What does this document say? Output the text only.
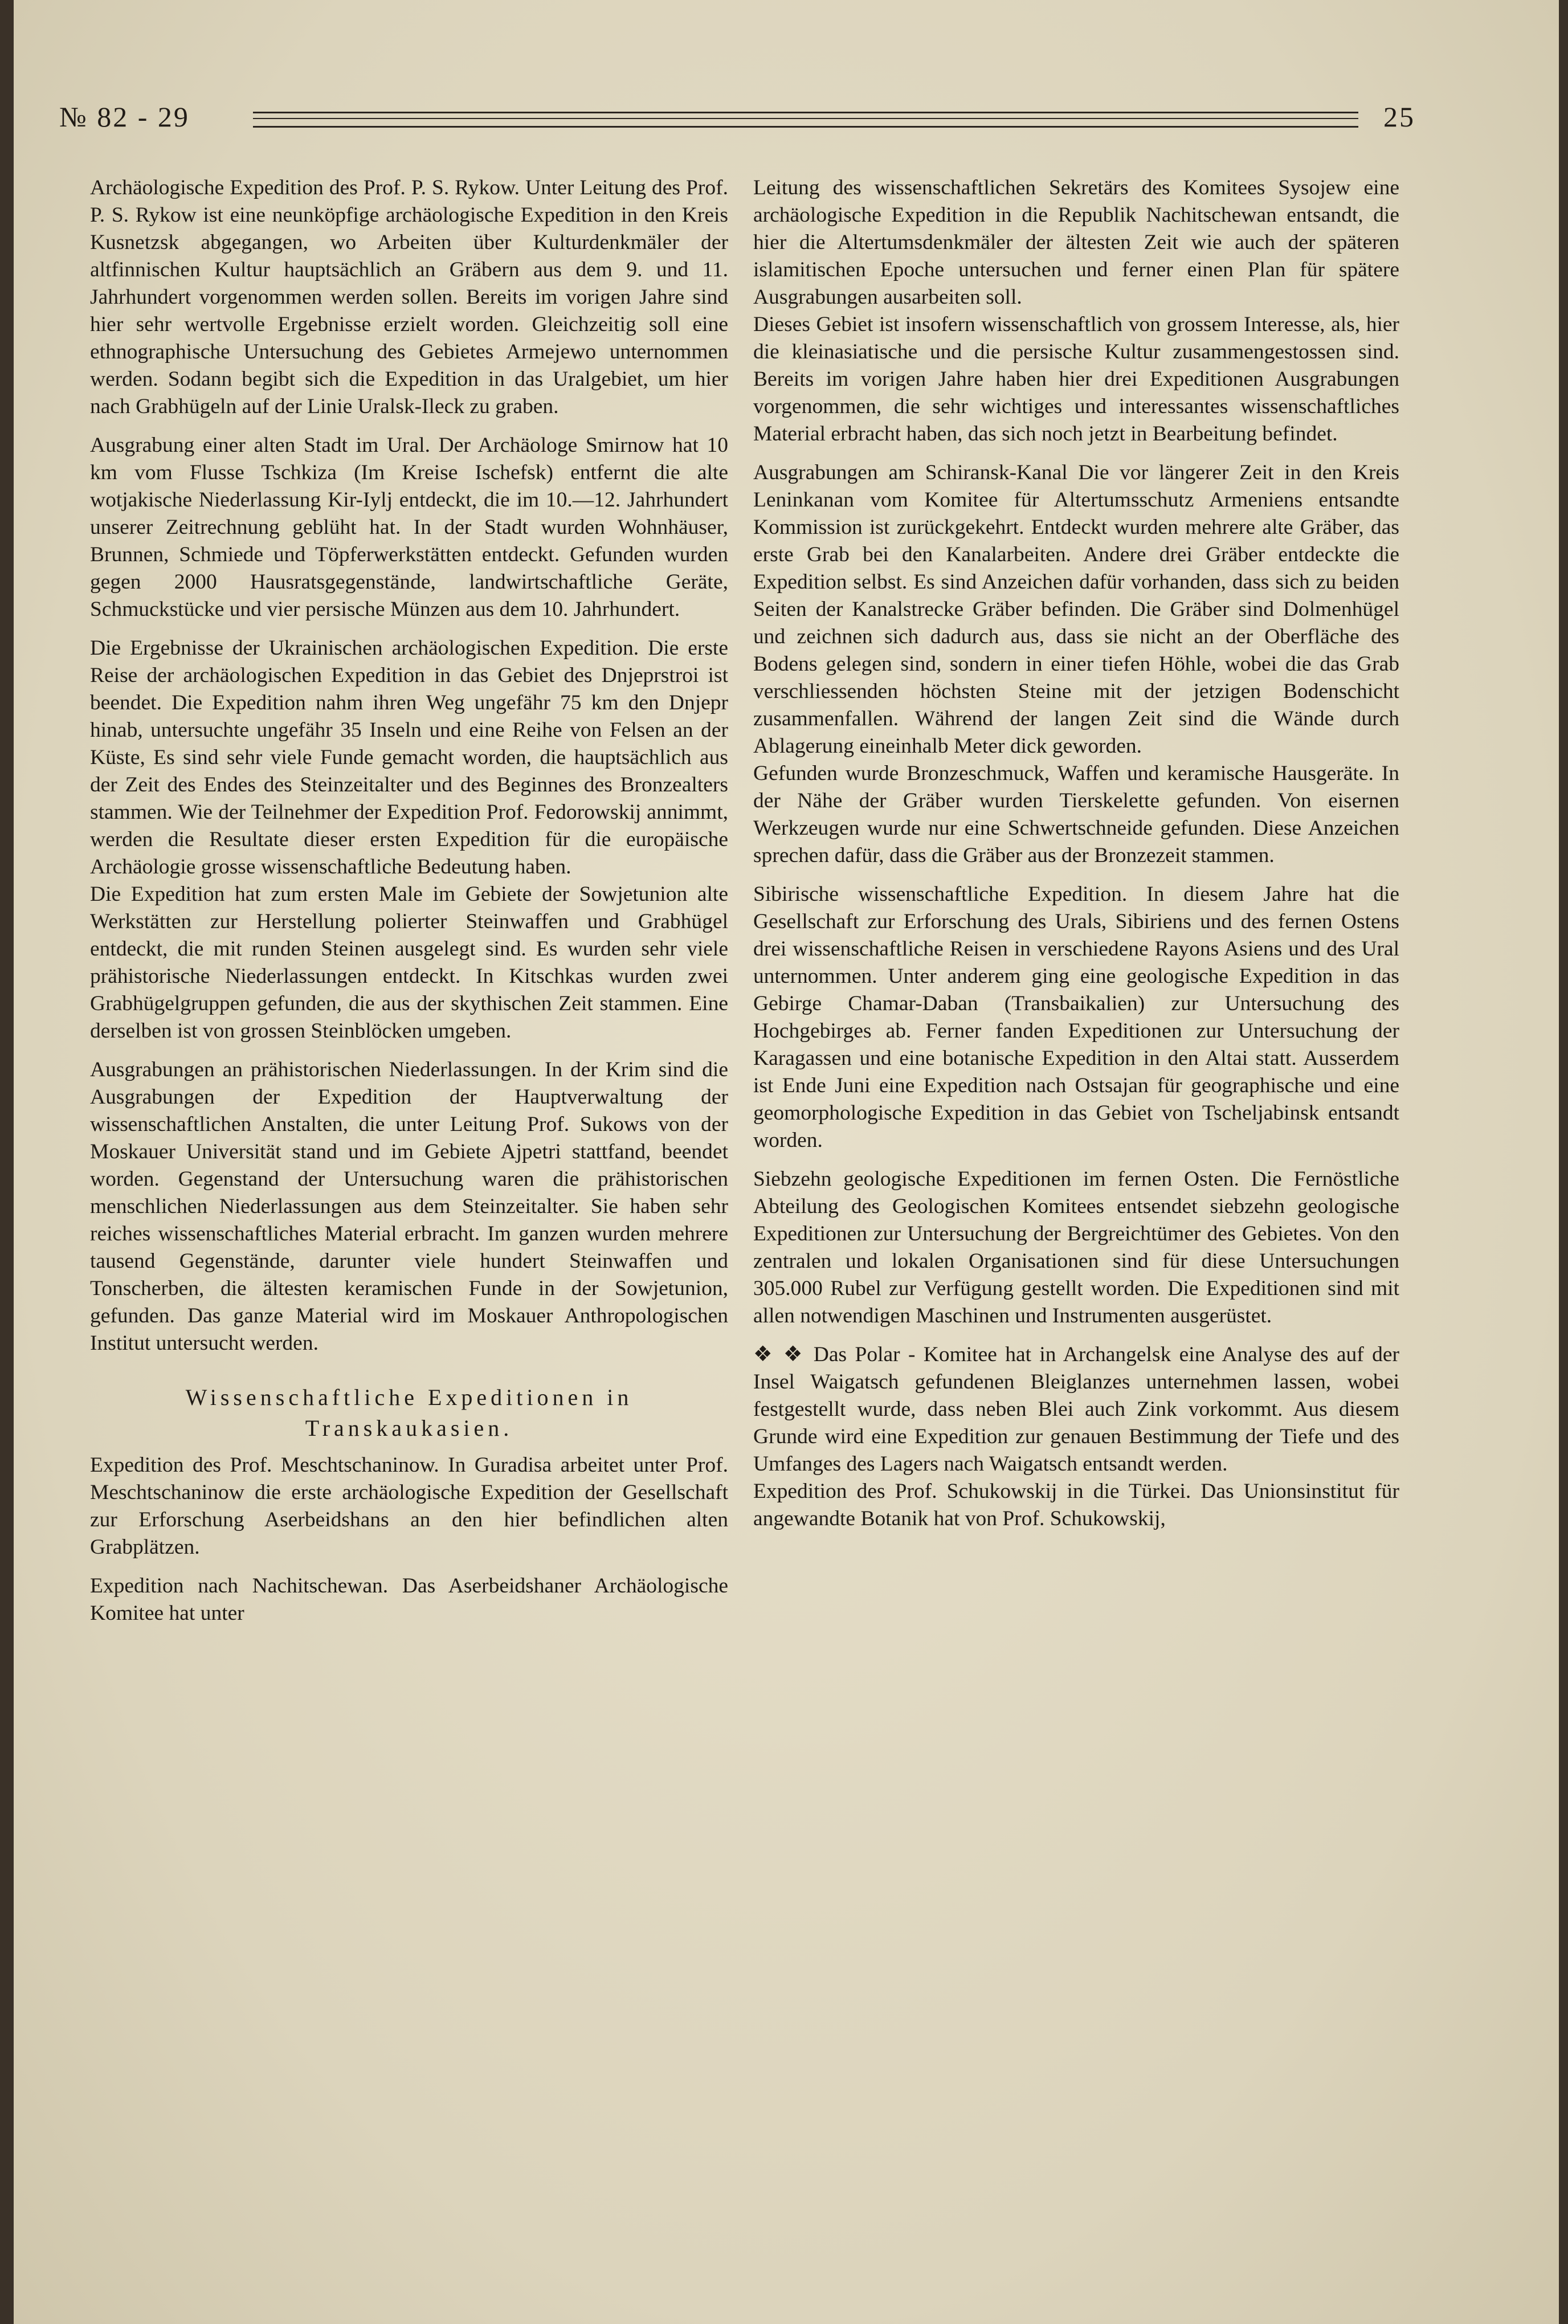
№ 82 - 29	25

Archäologische Expedition des Prof. P. S. Rykow. Unter Leitung des Prof. P. S. Rykow ist eine neunköpfige archäologische Expedition in den Kreis Kusnetzsk abgegangen, wo Arbeiten über Kulturdenkmäler der altfinnischen Kultur hauptsächlich an Gräbern aus dem 9. und 11. Jahrhundert vorgenommen werden sollen. Bereits im vorigen Jahre sind hier sehr wertvolle Ergebnisse erzielt worden. Gleichzeitig soll eine ethnographische Untersuchung des Gebietes Armejewo unternommen werden. Sodann begibt sich die Expedition in das Uralgebiet, um hier nach Grabhügeln auf der Linie Uralsk-Ileck zu graben.

Ausgrabung einer alten Stadt im Ural. Der Archäologe Smirnow hat 10 km vom Flusse Tschkiza (Im Kreise Ischefsk) entfernt die alte wotjakische Niederlassung Kir-Iylj entdeckt, die im 10.—12. Jahrhundert unserer Zeitrechnung geblüht hat. In der Stadt wurden Wohnhäuser, Brunnen, Schmiede und Töpferwerkstätten entdeckt. Gefunden wurden gegen 2000 Hausratsgegenstände, landwirtschaftliche Geräte, Schmuckstücke und vier persische Münzen aus dem 10. Jahrhundert.

Die Ergebnisse der Ukrainischen archäologischen Expedition. Die erste Reise der archäologischen Expedition in das Gebiet des Dnjeprstroi ist beendet. Die Expedition nahm ihren Weg ungefähr 75 km den Dnjepr hinab, untersuchte ungefähr 35 Inseln und eine Reihe von Felsen an der Küste, Es sind sehr viele Funde gemacht worden, die hauptsächlich aus der Zeit des Endes des Steinzeitalter und des Beginnes des Bronzealters stammen. Wie der Teilnehmer der Expedition Prof. Fedorowskij annimmt, werden die Resultate dieser ersten Expedition für die europäische Archäologie grosse wissenschaftliche Bedeutung haben.

Die Expedition hat zum ersten Male im Gebiete der Sowjetunion alte Werkstätten zur Herstellung polierter Steinwaffen und Grabhügel entdeckt, die mit runden Steinen ausgelegt sind. Es wurden sehr viele prähistorische Niederlassungen entdeckt. In Kitschkas wurden zwei Grabhügelgruppen gefunden, die aus der skythischen Zeit stammen. Eine derselben ist von grossen Steinblöcken umgeben.

Ausgrabungen an prähistorischen Niederlassungen. In der Krim sind die Ausgrabungen der Expedition der Hauptverwaltung der wissenschaftlichen Anstalten, die unter Leitung Prof. Sukows von der Moskauer Universität stand und im Gebiete Ajpetri stattfand, beendet worden. Gegenstand der Untersuchung waren die prähistorischen menschlichen Niederlassungen aus dem Steinzeitalter. Sie haben sehr reiches wissenschaftliches Material erbracht. Im ganzen wurden mehrere tausend Gegenstände, darunter viele hundert Steinwaffen und Tonscherben, die ältesten keramischen Funde in der Sowjetunion, gefunden. Das ganze Material wird im Moskauer Anthropologischen Institut untersucht werden.

Wissenschaftliche Expeditionen in
Transkaukasien.

Expedition des Prof. Meschtschaninow. In Guradisa arbeitet unter Prof. Meschtschaninow die erste archäologische Expedition der Gesellschaft zur Erforschung Aserbeidshans an den hier befindlichen alten Grabplätzen.

Expedition nach Nachitschewan. Das Aserbeidshaner Archäologische Komitee hat unter

Leitung des wissenschaftlichen Sekretärs des Komitees Sysojew eine archäologische Expedition in die Republik Nachitschewan entsandt, die hier die Altertumsdenkmäler der ältesten Zeit wie auch der späteren islamitischen Epoche untersuchen und ferner einen Plan für spätere Ausgrabungen ausarbeiten soll.

Dieses Gebiet ist insofern wissenschaftlich von grossem Interesse, als, hier die kleinasiatische und die persische Kultur zusammengestossen sind. Bereits im vorigen Jahre haben hier drei Expeditionen Ausgrabungen vorgenommen, die sehr wichtiges und interessantes wissenschaftliches Material erbracht haben, das sich noch jetzt in Bearbeitung befindet.

Ausgrabungen am Schiransk-Kanal Die vor längerer Zeit in den Kreis Leninkanan vom Komitee für Altertumsschutz Armeniens entsandte Kommission ist zurückgekehrt. Entdeckt wurden mehrere alte Gräber, das erste Grab bei den Kanalarbeiten. Andere drei Gräber entdeckte die Expedition selbst. Es sind Anzeichen dafür vorhanden, dass sich zu beiden Seiten der Kanalstrecke Gräber befinden. Die Gräber sind Dolmenhügel und zeichnen sich dadurch aus, dass sie nicht an der Oberfläche des Bodens gelegen sind, sondern in einer tiefen Höhle, wobei die das Grab verschliessenden höchsten Steine mit der jetzigen Bodenschicht zusammenfallen. Während der langen Zeit sind die Wände durch Ablagerung eineinhalb Meter dick geworden.

Gefunden wurde Bronzeschmuck, Waffen und keramische Hausgeräte. In der Nähe der Gräber wurden Tierskelette gefunden. Von eisernen Werkzeugen wurde nur eine Schwertschneide gefunden. Diese Anzeichen sprechen dafür, dass die Gräber aus der Bronzezeit stammen.

Sibirische wissenschaftliche Expedition. In diesem Jahre hat die Gesellschaft zur Erforschung des Urals, Sibiriens und des fernen Ostens drei wissenschaftliche Reisen in verschiedene Rayons Asiens und des Ural unternommen. Unter anderem ging eine geologische Expedition in das Gebirge Chamar-Daban (Transbaikalien) zur Untersuchung des Hochgebirges ab. Ferner fanden Expeditionen zur Untersuchung der Karagassen und eine botanische Expedition in den Altai statt. Ausserdem ist Ende Juni eine Expedition nach Ostsajan für geographische und eine geomorphologische Expedition in das Gebiet von Tscheljabinsk entsandt worden.

Siebzehn geologische Expeditionen im fernen Osten. Die Fernöstliche Abteilung des Geologischen Komitees entsendet siebzehn geologische Expeditionen zur Untersuchung der Bergreichtümer des Gebietes. Von den zentralen und lokalen Organisationen sind für diese Untersuchungen 305.000 Rubel zur Verfügung gestellt worden. Die Expeditionen sind mit allen notwendigen Maschinen und Instrumenten ausgerüstet.

❖ ❖ Das Polar - Komitee hat in Archangelsk eine Analyse des auf der Insel Waigatsch gefundenen Bleiglanzes unternehmen lassen, wobei festgestellt wurde, dass neben Blei auch Zink vorkommt. Aus diesem Grunde wird eine Expedition zur genauen Bestimmung der Tiefe und des Umfanges des Lagers nach Waigatsch entsandt werden.

Expedition des Prof. Schukowskij in die Türkei. Das Unionsinstitut für angewandte Botanik hat von Prof. Schukowskij,
